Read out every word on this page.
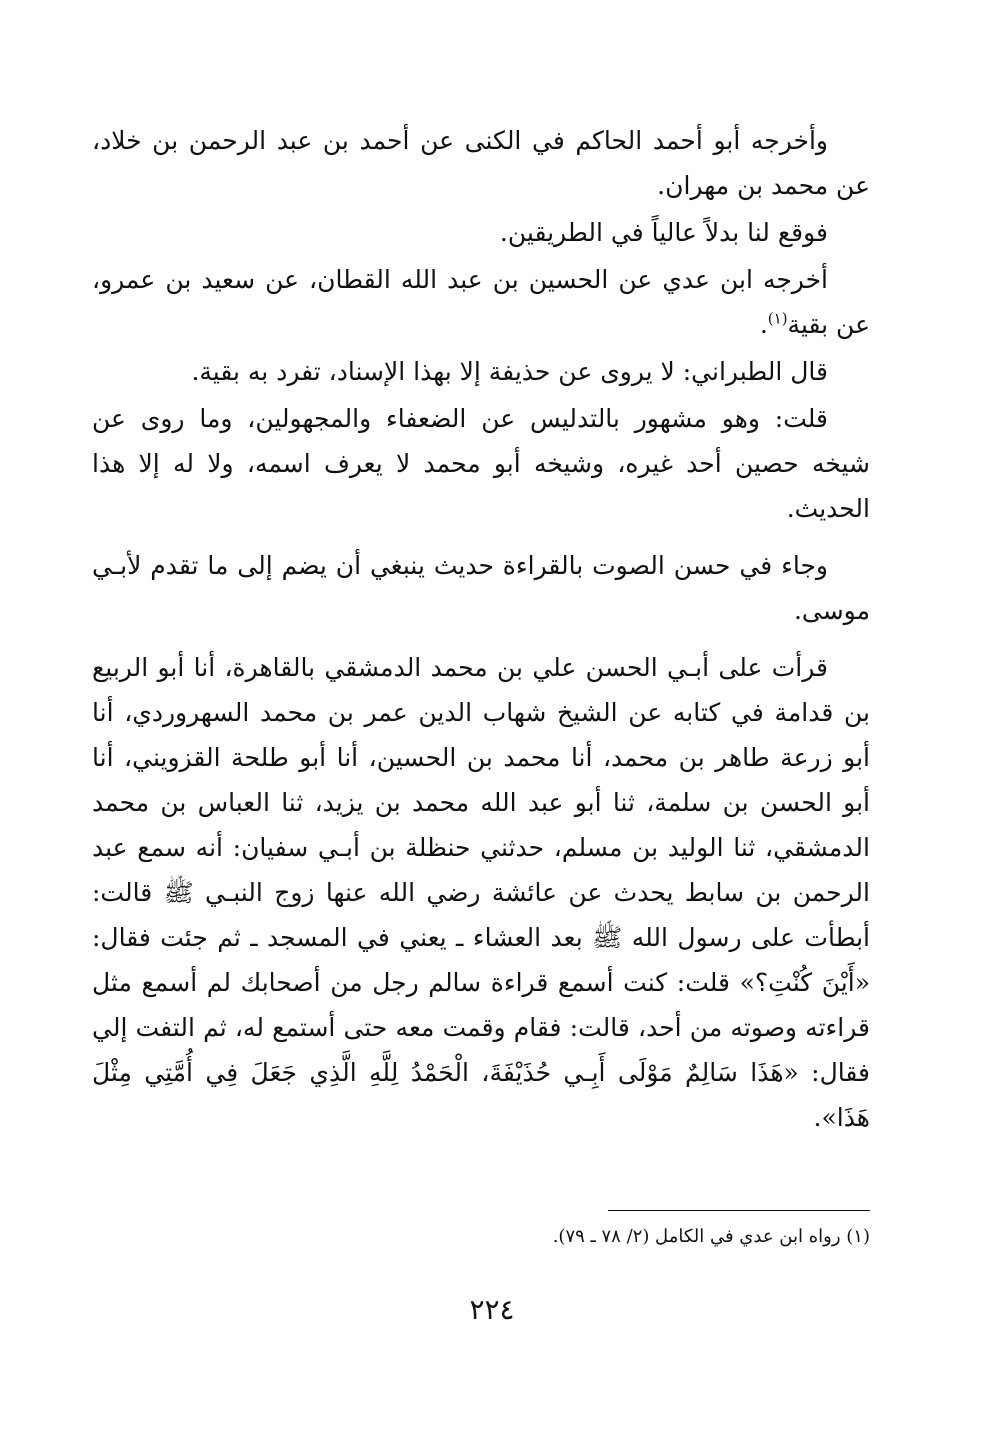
وأخرجه أبو أحمد الحاكم في الكنى عن أحمد بن عبد الرحمن بن خلاد، عن محمد بن مهران.

فوقع لنا بدلاً عالياً في الطريقين.

أخرجه ابن عدي عن الحسين بن عبد الله القطان، عن سعيد بن عمرو، عن بقية$^{(١)}$.

قال الطبراني: لا يروى عن حذيفة إلا بهذا الإسناد، تفرد به بقية.

قلت: وهو مشهور بالتدليس عن الضعفاء والمجهولين، وما روى عن شيخه حصين أحد غيره، وشيخه أبو محمد لا يعرف اسمه، ولا له إلا هذا الحديث.

وجاء في حسن الصوت بالقراءة حديث ينبغي أن يضم إلى ما تقدم لأبـي موسى.

قرأت على أبـي الحسن علي بن محمد الدمشقي بالقاهرة، أنا أبو الربيع بن قدامة في كتابه عن الشيخ شهاب الدين عمر بن محمد السهروردي، أنا أبو زرعة طاهر بن محمد، أنا محمد بن الحسين، أنا أبو طلحة القزويني، أنا أبو الحسن بن سلمة، ثنا أبو عبد الله محمد بن يزيد، ثنا العباس بن محمد الدمشقي، ثنا الوليد بن مسلم، حدثني حنظلة بن أبـي سفيان: أنه سمع عبد الرحمن بن سابط يحدث عن عائشة رضي الله عنها زوج النبـي ﷺ قالت: أبطأت على رسول الله ﷺ بعد العشاء ـ يعني في المسجد ـ ثم جئت فقال: «أَيْنَ كُنْتِ؟» قلت: كنت أسمع قراءة سالم رجل من أصحابك لم أسمع مثل قراءته وصوته من أحد، قالت: فقام وقمت معه حتى أستمع له، ثم التفت إلي فقال: «هَذَا سَالِمٌ مَوْلَى أَبِـي حُذَيْفَةَ، الْحَمْدُ لِلَّهِ الَّذِي جَعَلَ فِي أُمَّتِي مِثْلَ هَذَا».

(١) رواه ابن عدي في الكامل (٢/ ٧٨ ـ ٧٩).

٢٢٤
